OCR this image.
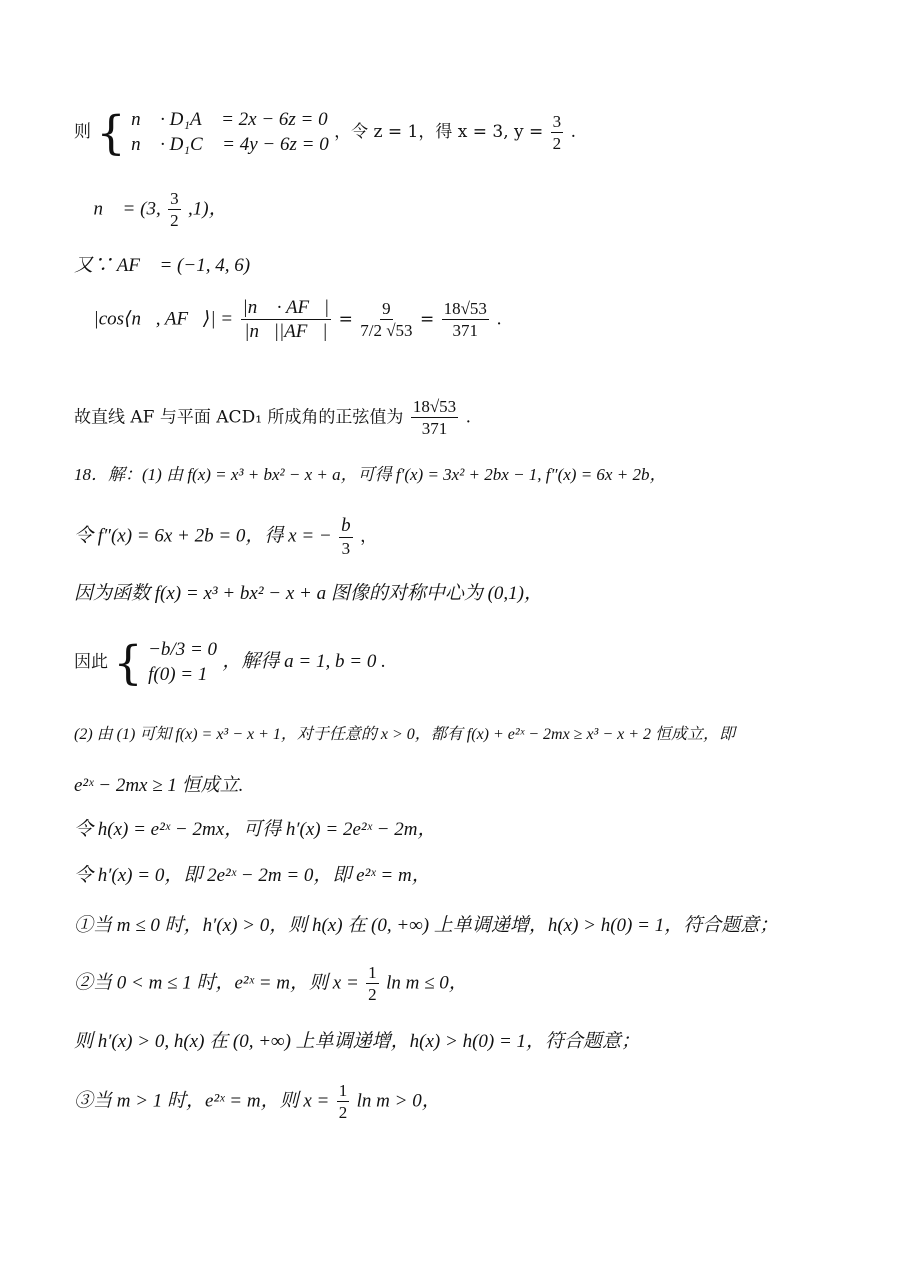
则 { n⃗ · D₁A⃗ = 2x − 6z = 0
n⃗ · D₁C⃗ = 4y − 6z = 0
，令 z = 1，得 x = 3, $y = \frac{3}{2}$ .
∴ n⃗ = (3, $\frac{3}{2} ,1$)，
又∵ AF⃗ = (−1, 4, 6)，
∴ |cos⟨n⃗, AF⃗⟩| = $\frac{|n⃗ \cdot AF⃗|}{|n⃗||AF⃗|} = \frac{9}{7/2 √53} = \frac{18√53}{371}$ .
故直线 AF 与平面 ACD₁ 所成角的正弦值为 $\frac{18√53}{371}$ .
18．解：(1) 由 f(x) = x³ + bx² − x + a，可得 f′(x) = 3x² + 2bx − 1, f″(x) = 6x + 2b，
令 f″(x) = 6x + 2b = 0，得 x = − $\frac{b}{3}$ ，
因为函数 f(x) = x³ + bx² − x + a 图像的对称中心为 (0,1)，
因此 { −b/3 = 0
f(0) = 1
，解得 a = 1, b = 0 .
(2) 由 (1) 可知 f(x) = x³ − x + 1，对于任意的 x > 0，都有 f(x) + e²ˣ − 2mx ≥ x³ − x + 2 恒成立，即
e²ˣ − 2mx ≥ 1 恒成立.
令 h(x) = e²ˣ − 2mx，可得 h′(x) = 2e²ˣ − 2m，
令 h′(x) = 0，即 2e²ˣ − 2m = 0，即 e²ˣ = m，
①当 m ≤ 0 时，h′(x) > 0，则 h(x) 在 (0, +∞) 上单调递增，h(x) > h(0) = 1，符合题意；
②当 0 < m ≤ 1 时，e²ˣ = m，则 $x = \frac{1}{2}$ ln m ≤ 0，
则 h′(x) > 0, h(x) 在 (0, +∞) 上单调递增，h(x) > h(0) = 1，符合题意；
③当 m > 1 时，e²ˣ = m，则 $x = \frac{1}{2}$ ln m > 0，
